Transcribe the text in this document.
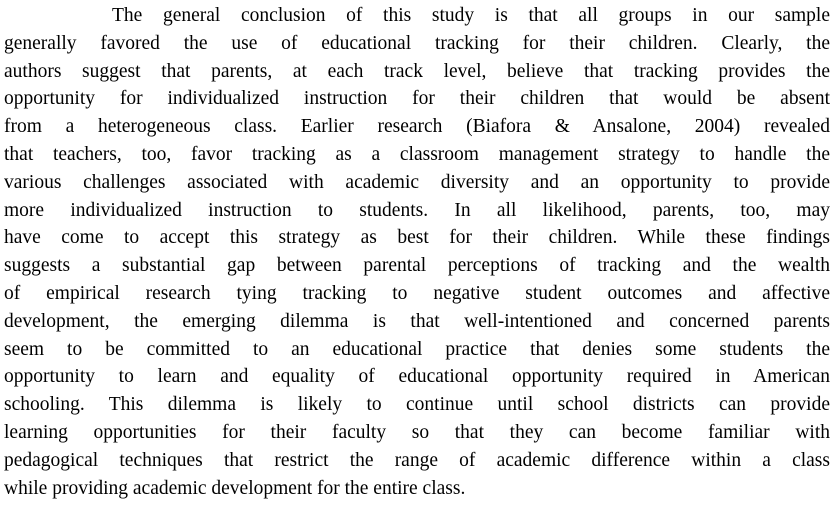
The general conclusion of this study is that all groups in our sample
generally favored the use of educational tracking for their children. Clearly, the
authors suggest that parents, at each track level, believe that tracking provides the
opportunity for individualized instruction for their children that would be absent
from a heterogeneous class. Earlier research (Biafora & Ansalone, 2004) revealed
that teachers, too, favor tracking as a classroom management strategy to handle the
various challenges associated with academic diversity and an opportunity to provide
more individualized instruction to students. In all likelihood, parents, too, may
have come to accept this strategy as best for their children. While these findings
suggests a substantial gap between parental perceptions of tracking and the wealth
of empirical research tying tracking to negative student outcomes and affective
development, the emerging dilemma is that well-intentioned and concerned parents
seem to be committed to an educational practice that denies some students the
opportunity to learn and equality of educational opportunity required in American
schooling. This dilemma is likely to continue until school districts can provide
learning opportunities for their faculty so that they can become familiar with
pedagogical techniques that restrict the range of academic difference within a class
while providing academic development for the entire class.
